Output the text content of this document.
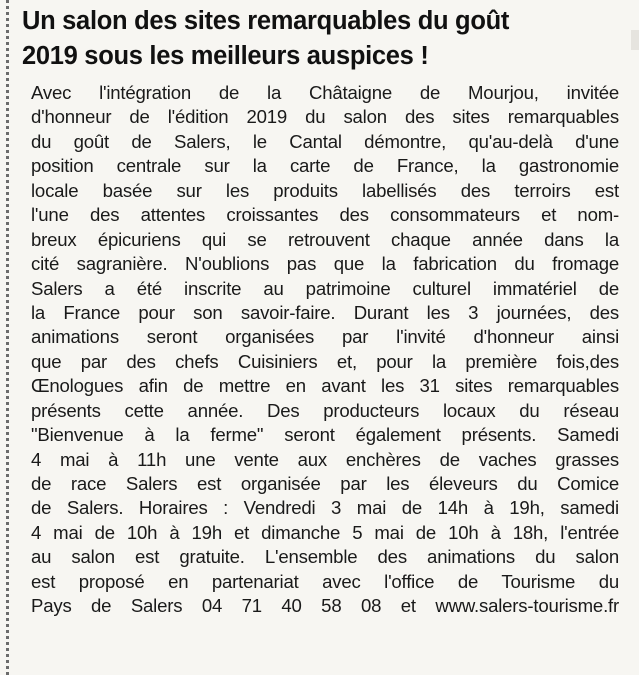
Un salon des sites remarquables du goût
2019 sous les meilleurs auspices !
Avec l'intégration de la Châtaigne de Mourjou, invitée
d'honneur de l'édition 2019 du salon des sites remarquables
du goût de Salers, le Cantal démontre, qu'au-delà d'une
position centrale sur la carte de France, la gastronomie
locale basée sur les produits labellisés des terroirs est
l'une des attentes croissantes des consommateurs et nom-
breux épicuriens qui se retrouvent chaque année dans la
cité sagranière. N'oublions pas que la fabrication du fromage
Salers a été inscrite au patrimoine culturel immatériel de
la France pour son savoir-faire. Durant les 3 journées, des
animations seront organisées par l'invité d'honneur ainsi
que par des chefs Cuisiniers et, pour la première fois,des
Œnologues afin de mettre en avant les 31 sites remarquables
présents cette année. Des producteurs locaux du réseau
"Bienvenue à la ferme" seront également présents. Samedi
4 mai à 11h une vente aux enchères de vaches grasses
de race Salers est organisée par les éleveurs du Comice
de Salers. Horaires : Vendredi 3 mai de 14h à 19h, samedi
4 mai de 10h à 19h et dimanche 5 mai de 10h à 18h, l'entrée
au salon est gratuite. L'ensemble des animations du salon
est proposé en partenariat avec l'office de Tourisme du
Pays de Salers 04 71 40 58 08 et www.salers-tourisme.fr
